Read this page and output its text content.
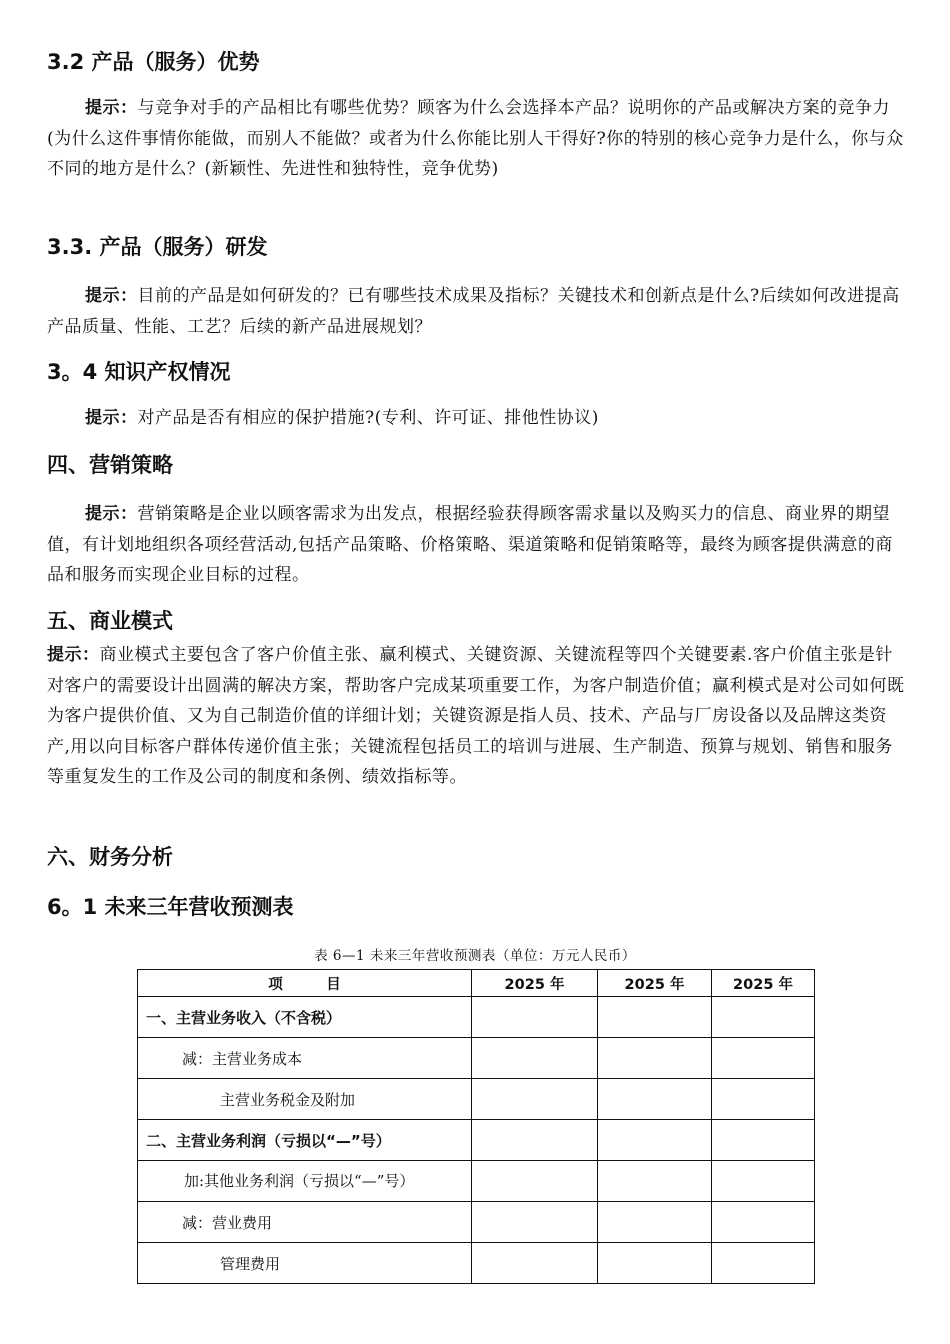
3.2 产品（服务）优势
提示：与竞争对手的产品相比有哪些优势？顾客为什么会选择本产品？说明你的产品或解决方案的竞争力(为什么这件事情你能做，而别人不能做？或者为什么你能比别人干得好?你的特别的核心竞争力是什么，你与众不同的地方是什么？(新颖性、先进性和独特性，竞争优势)
3.3. 产品（服务）研发
提示：目前的产品是如何研发的？已有哪些技术成果及指标？关键技术和创新点是什么?后续如何改进提高产品质量、性能、工艺？后续的新产品进展规划？
3。4 知识产权情况
提示：对产品是否有相应的保护措施?(专利、许可证、排他性协议)
四、营销策略
提示：营销策略是企业以顾客需求为出发点，根据经验获得顾客需求量以及购买力的信息、商业界的期望值，有计划地组织各项经营活动,包括产品策略、价格策略、渠道策略和促销策略等，最终为顾客提供满意的商品和服务而实现企业目标的过程。
五、商业模式
提示：商业模式主要包含了客户价值主张、赢利模式、关键资源、关键流程等四个关键要素.客户价值主张是针对客户的需要设计出圆满的解决方案，帮助客户完成某项重要工作，为客户制造价值；赢利模式是对公司如何既为客户提供价值、又为自己制造价值的详细计划；关键资源是指人员、技术、产品与厂房设备以及品牌这类资产,用以向目标客户群体传递价值主张；关键流程包括员工的培训与进展、生产制造、预算与规划、销售和服务等重复发生的工作及公司的制度和条例、绩效指标等。
六、财务分析
6。1 未来三年营收预测表
表 6—1 未来三年营收预测表（单位：万元人民币）
项　　　目	2025 年	2025 年	2025 年
一、主营业务收入（不含税）			
减：主营业务成本			
主营业务税金及附加			
二、主营业务利润（亏损以“—”号）			
加:其他业务利润（亏损以“—”号）			
减：营业费用			
管理费用			
